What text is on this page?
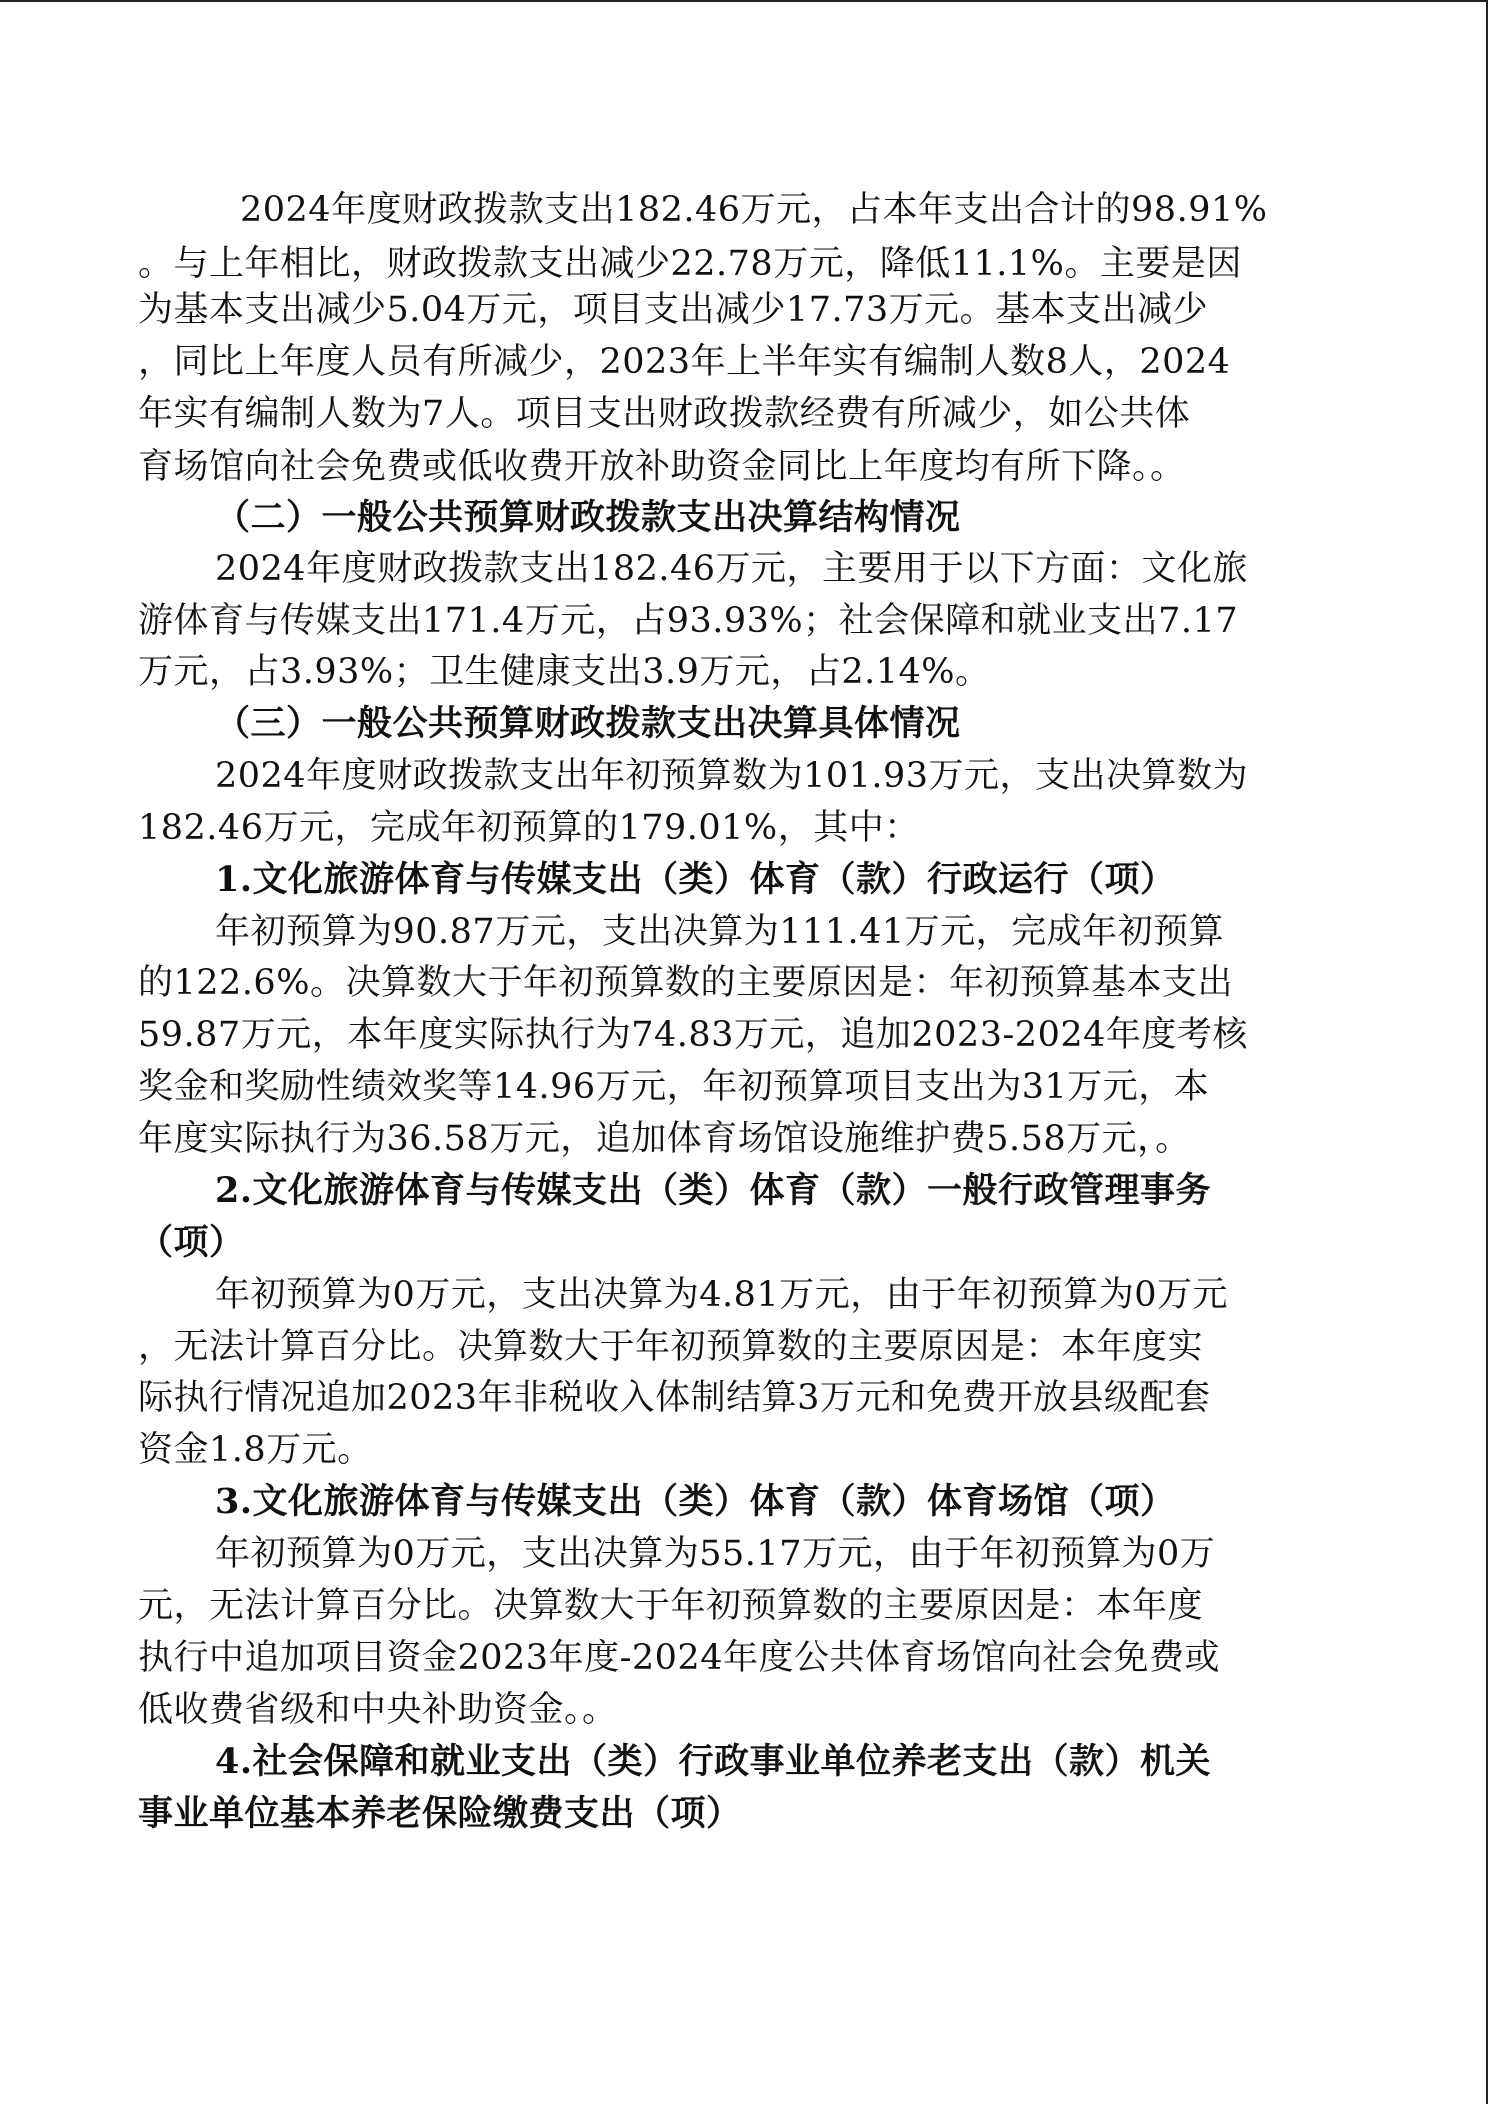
2024年度财政拨款支出182.46万元，占本年支出合计的98.91%
。与上年相比，财政拨款支出减少22.78万元，降低11.1%。主要是因
为基本支出减少5.04万元，项目支出减少17.73万元。基本支出减少
，同比上年度人员有所减少，2023年上半年实有编制人数8人，2024
年实有编制人数为7人。项目支出财政拨款经费有所减少，如公共体
育场馆向社会免费或低收费开放补助资金同比上年度均有所下降。。
（二）一般公共预算财政拨款支出决算结构情况
2024年度财政拨款支出182.46万元，主要用于以下方面：文化旅
游体育与传媒支出171.4万元，占93.93%；社会保障和就业支出7.17
万元，占3.93%；卫生健康支出3.9万元，占2.14%。
（三）一般公共预算财政拨款支出决算具体情况
2024年度财政拨款支出年初预算数为101.93万元，支出决算数为
182.46万元，完成年初预算的179.01%，其中：
1.文化旅游体育与传媒支出（类）体育（款）行政运行（项）
年初预算为90.87万元，支出决算为111.41万元，完成年初预算
的122.6%。决算数大于年初预算数的主要原因是：年初预算基本支出
59.87万元，本年度实际执行为74.83万元，追加2023-2024年度考核
奖金和奖励性绩效奖等14.96万元，年初预算项目支出为31万元，本
年度实际执行为36.58万元，追加体育场馆设施维护费5.58万元，。
2.文化旅游体育与传媒支出（类）体育（款）一般行政管理事务
（项）
年初预算为0万元，支出决算为4.81万元，由于年初预算为0万元
，无法计算百分比。决算数大于年初预算数的主要原因是：本年度实
际执行情况追加2023年非税收入体制结算3万元和免费开放县级配套
资金1.8万元。
3.文化旅游体育与传媒支出（类）体育（款）体育场馆（项）
年初预算为0万元，支出决算为55.17万元，由于年初预算为0万
元，无法计算百分比。决算数大于年初预算数的主要原因是：本年度
执行中追加项目资金2023年度-2024年度公共体育场馆向社会免费或
低收费省级和中央补助资金。。
4.社会保障和就业支出（类）行政事业单位养老支出（款）机关
事业单位基本养老保险缴费支出（项）
